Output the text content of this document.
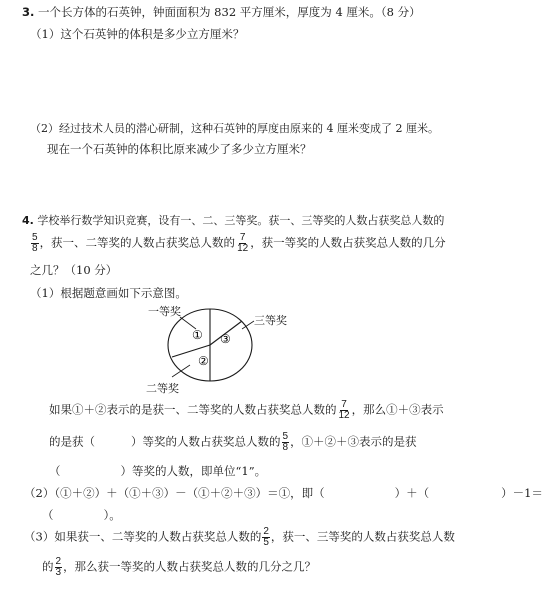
3. 一个长方体的石英钟，钟面面积为 832 平方厘米，厚度为 4 厘米。（8 分）
（1）这个石英钟的体积是多少立方厘米？
（2）经过技术人员的潜心研制，这种石英钟的厚度由原来的 4 厘米变成了 2 厘米。
现在一个石英钟的体积比原来减少了多少立方厘米？
4. 学校举行数学知识竞赛，设有一、二、三等奖。获一、三等奖的人数占获奖总人数的
$\frac{5}{8}$ ，获一、二等奖的人数占获奖总人数的 $\frac{7}{12}$ ，获一等奖的人数占获奖总人数的几分
之几？（10 分）
（1）根据题意画如下示意图。
① ③
②
一等奖
三等奖
二等奖
如果①＋②表示的是获一、二等奖的人数占获奖总人数的 $\frac{7}{12}$ ，那么①＋③表示
的是获（	）等奖的人数占获奖总人数的 $\frac{5}{8}$ ，①＋②＋③表示的是获
（	）等奖的人数，即单位“1”。
（2）（①＋②）＋（①＋③）－（①＋②＋③）＝①，即（	）＋（	）－1＝
（	）。
（3）如果获一、二等奖的人数占获奖总人数的 $\frac{2}{5}$ ，获一、三等奖的人数占获奖总人数
的 $\frac{2}{3}$ ，那么获一等奖的人数占获奖总人数的几分之几？
